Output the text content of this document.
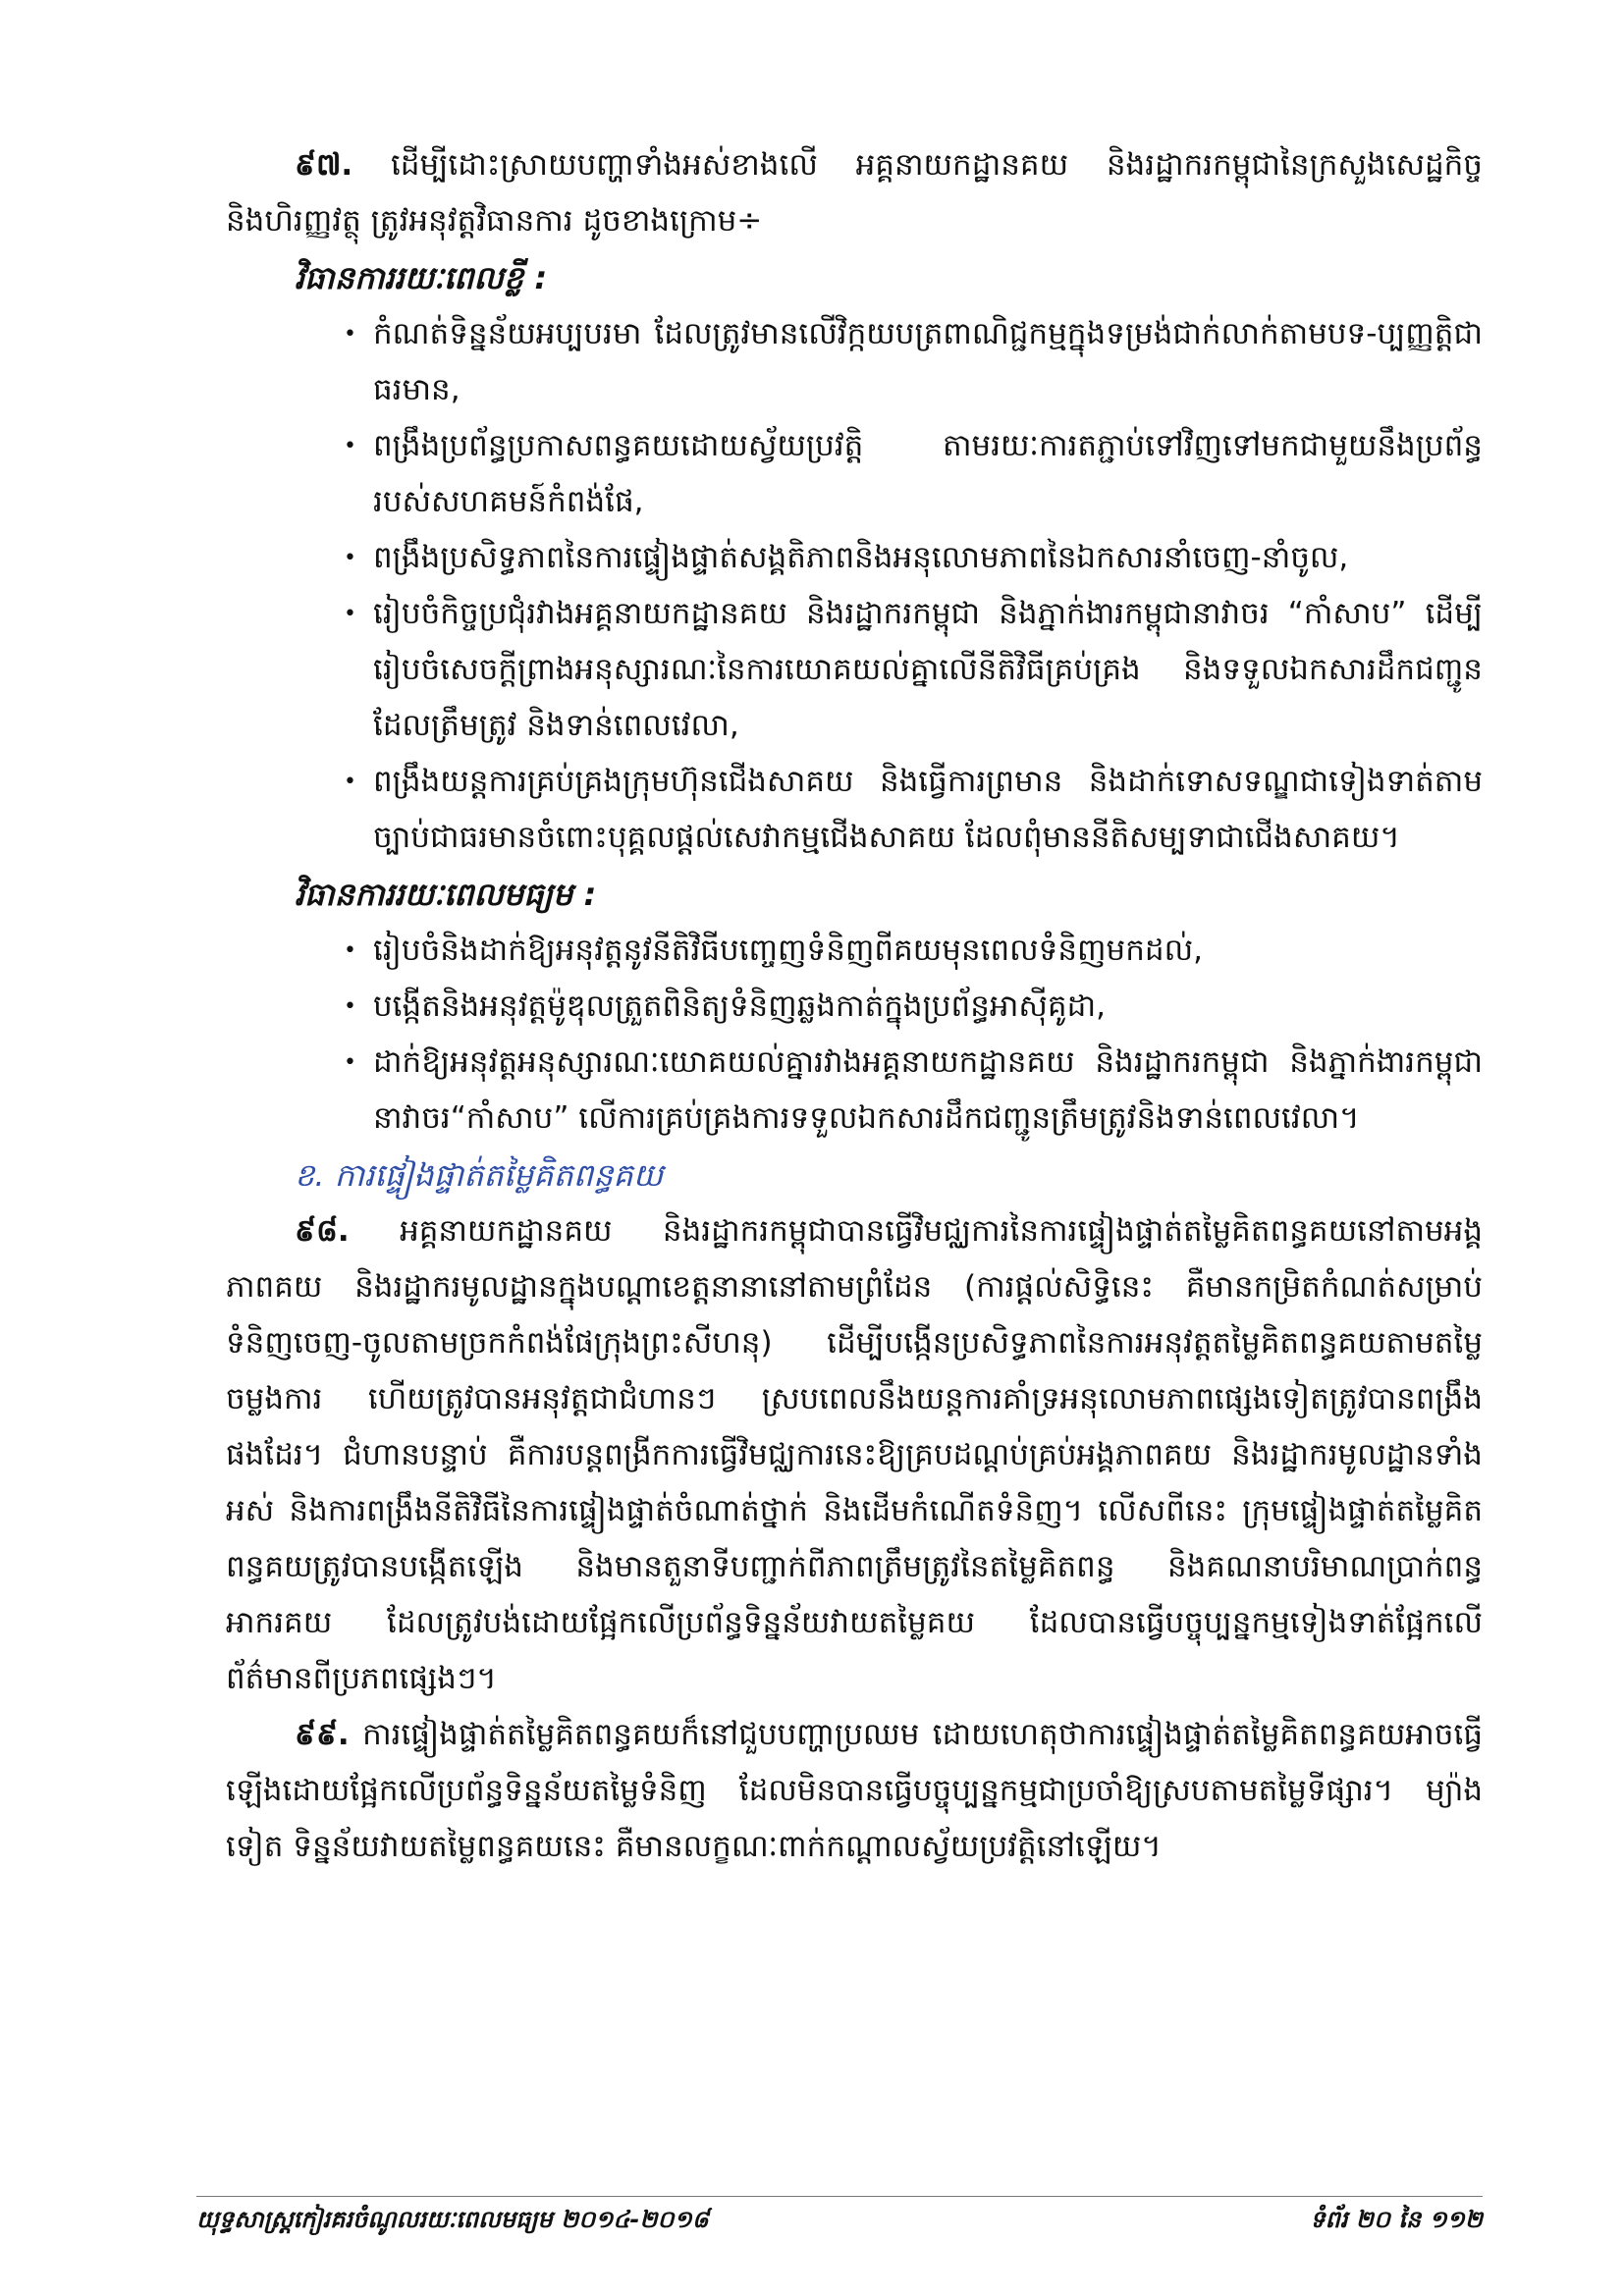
៩៧. ដើម្បីដោះស្រាយបញ្ហាទាំងអស់ខាងលើ អគ្គនាយកដ្ឋានគយ និងរដ្ឋាករកម្ពុជានៃក្រសួងសេដ្ឋកិច្ច និងហិរញ្ញវត្ថុ ត្រូវអនុវត្តវិធានការ ដូចខាងក្រោម÷

វិធានការរយៈពេលខ្លី :

• កំណត់ទិន្នន័យអប្បបរមា ដែលត្រូវមានលើវិក្កយបត្រពាណិជ្ជកម្មក្នុងទម្រង់ជាក់លាក់តាមបទ-ប្បញ្ញត្តិជាធរមាន,
• ពង្រឹងប្រព័ន្ធប្រកាសពន្ធគយដោយស្វ័យប្រវត្តិ តាមរយៈការតភ្ជាប់ទៅវិញទៅមកជាមួយនឹងប្រព័ន្ធរបស់សហគមន៍កំពង់ផែ,
• ពង្រឹងប្រសិទ្ធភាពនៃការផ្ទៀងផ្ទាត់សង្គតិភាពនិងអនុលោមភាពនៃឯកសារនាំចេញ-នាំចូល,
• រៀបចំកិច្ចប្រជុំរវាងអគ្គនាយកដ្ឋានគយ និងរដ្ឋាករកម្ពុជា និងភ្នាក់ងារកម្ពុជានាវាចរ “កាំសាប” ដើម្បីរៀបចំសេចក្តីព្រាងអនុស្សារណៈនៃការយោគយល់គ្នាលើនីតិវិធីគ្រប់គ្រង និងទទួលឯកសារដឹកជញ្ជូនដែលត្រឹមត្រូវ និងទាន់ពេលវេលា,
• ពង្រឹងយន្តការគ្រប់គ្រងក្រុមហ៊ុនជើងសាគយ និងធ្វើការព្រមាន និងដាក់ទោសទណ្ឌជាទៀងទាត់តាមច្បាប់ជាធរមានចំពោះបុគ្គលផ្តល់សេវាកម្មជើងសាគយ ដែលពុំមាននីតិសម្បទាជាជើងសាគយ។

វិធានការរយៈពេលមធ្យម :

• រៀបចំនិងដាក់ឱ្យអនុវត្តនូវនីតិវិធីបញ្ចេញទំនិញពីគយមុនពេលទំនិញមកដល់,
• បង្កើតនិងអនុវត្តម៉ូឌុលត្រួតពិនិត្យទំនិញឆ្លងកាត់ក្នុងប្រព័ន្ធអាស៊ីគូដា,
• ដាក់ឱ្យអនុវត្តអនុស្សារណៈយោគយល់គ្នារវាងអគ្គនាយកដ្ឋានគយ និងរដ្ឋាករកម្ពុជា និងភ្នាក់ងារកម្ពុជានាវាចរ“កាំសាប” លើការគ្រប់គ្រងការទទួលឯកសារដឹកជញ្ជូនត្រឹមត្រូវនិងទាន់ពេលវេលា។

ខ. ការផ្ទៀងផ្ទាត់តម្លៃគិតពន្ធគយ

៩៨. អគ្គនាយកដ្ឋានគយ និងរដ្ឋាករកម្ពុជាបានធ្វើវិមជ្ឈការនៃការផ្ទៀងផ្ទាត់តម្លៃគិតពន្ធគយនៅតាមអង្គភាពគយ និងរដ្ឋាករមូលដ្ឋានក្នុងបណ្តាខេត្តនានានៅតាមព្រំដែន (ការផ្តល់សិទ្ធិនេះ គឺមានកម្រិតកំណត់សម្រាប់ទំនិញចេញ-ចូលតាមច្រកកំពង់ផែក្រុងព្រះសីហនុ) ដើម្បីបង្កើនប្រសិទ្ធភាពនៃការអនុវត្តតម្លៃគិតពន្ធគយតាមតម្លៃចម្លងការ ហើយត្រូវបានអនុវត្តជាជំហានៗ ស្របពេលនឹងយន្តការគាំទ្រអនុលោមភាពផ្សេងទៀតត្រូវបានពង្រឹងផងដែរ។ ជំហានបន្ទាប់ គឺការបន្តពង្រីកការធ្វើវិមជ្ឈការនេះឱ្យគ្របដណ្តប់គ្រប់អង្គភាពគយ និងរដ្ឋាករមូលដ្ឋានទាំងអស់ និងការពង្រឹងនីតិវិធីនៃការផ្ទៀងផ្ទាត់ចំណាត់ថ្នាក់ និងដើមកំណើតទំនិញ។ លើសពីនេះ ក្រុមផ្ទៀងផ្ទាត់តម្លៃគិតពន្ធគយត្រូវបានបង្កើតឡើង និងមានតួនាទីបញ្ជាក់ពីភាពត្រឹមត្រូវនៃតម្លៃគិតពន្ធ និងគណនាបរិមាណប្រាក់ពន្ធអាករគយ ដែលត្រូវបង់ដោយផ្អែកលើប្រព័ន្ធទិន្នន័យវាយតម្លៃគយ ដែលបានធ្វើបច្ចុប្បន្នកម្មទៀងទាត់ផ្អែកលើព័ត៌មានពីប្រភពផ្សេងៗ។

៩៩. ការផ្ទៀងផ្ទាត់តម្លៃគិតពន្ធគយក៏នៅជួបបញ្ហាប្រឈម ដោយហេតុថាការផ្ទៀងផ្ទាត់តម្លៃគិតពន្ធគយអាចធ្វើឡើងដោយផ្អែកលើប្រព័ន្ធទិន្នន័យតម្លៃទំនិញ ដែលមិនបានធ្វើបច្ចុប្បន្នកម្មជាប្រចាំឱ្យស្របតាមតម្លៃទីផ្សារ។ ម្យ៉ាងទៀត ទិន្នន័យវាយតម្លៃពន្ធគយនេះ គឺមានលក្ខណៈពាក់កណ្តាលស្វ័យប្រវត្តិនៅឡើយ។

យុទ្ធសាស្ត្រកៀរគរចំណូលរយៈពេលមធ្យម ២០១៤-២០១៨	ទំព័រ ២០ នៃ ១១២
